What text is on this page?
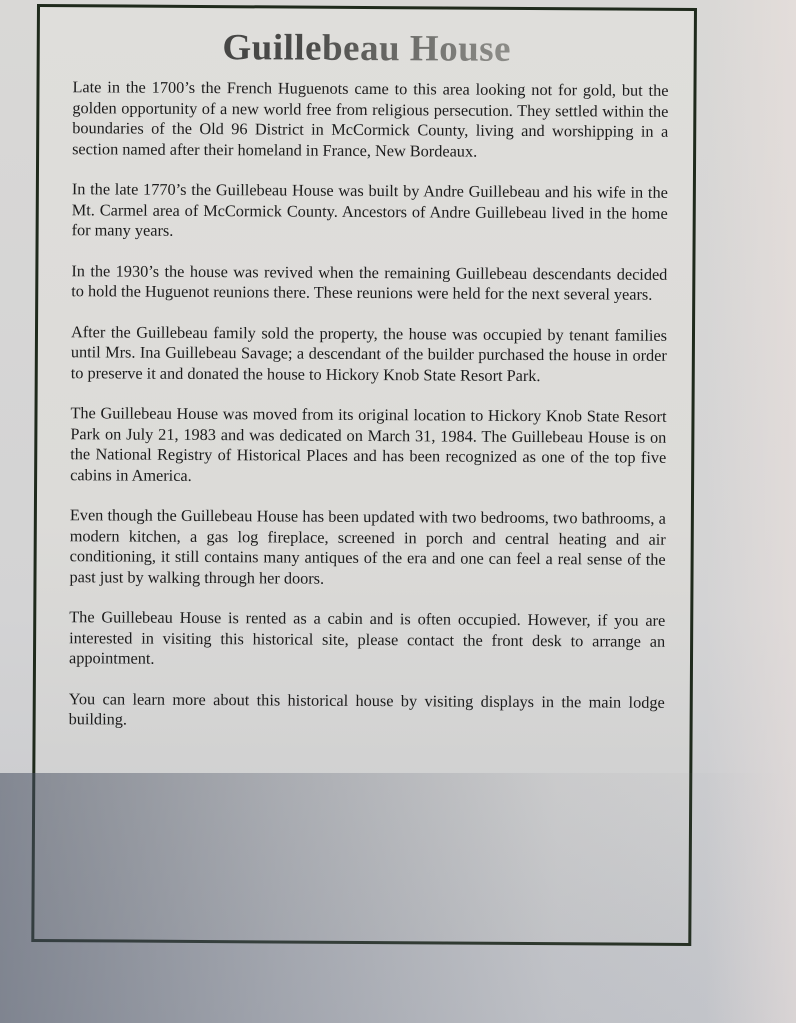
Guillebeau House

Late in the 1700’s the French Huguenots came to this area looking not for gold, but the golden opportunity of a new world free from religious persecution. They settled within the boundaries of the Old 96 District in McCormick County, living and worshipping in a section named after their homeland in France, New Bordeaux.

In the late 1770’s the Guillebeau House was built by Andre Guillebeau and his wife in the Mt. Carmel area of McCormick County. Ancestors of Andre Guillebeau lived in the home for many years.

In the 1930’s the house was revived when the remaining Guillebeau descendants decided to hold the Huguenot reunions there. These reunions were held for the next several years.

After the Guillebeau family sold the property, the house was occupied by tenant families until Mrs. Ina Guillebeau Savage; a descendant of the builder purchased the house in order to preserve it and donated the house to Hickory Knob State Resort Park.

The Guillebeau House was moved from its original location to Hickory Knob State Resort Park on July 21, 1983 and was dedicated on March 31, 1984. The Guillebeau House is on the National Registry of Historical Places and has been recognized as one of the top five cabins in America.

Even though the Guillebeau House has been updated with two bedrooms, two bathrooms, a modern kitchen, a gas log fireplace, screened in porch and central heating and air conditioning, it still contains many antiques of the era and one can feel a real sense of the past just by walking through her doors.

The Guillebeau House is rented as a cabin and is often occupied. However, if you are interested in visiting this historical site, please contact the front desk to arrange an appointment.

You can learn more about this historical house by visiting displays in the main lodge building.
